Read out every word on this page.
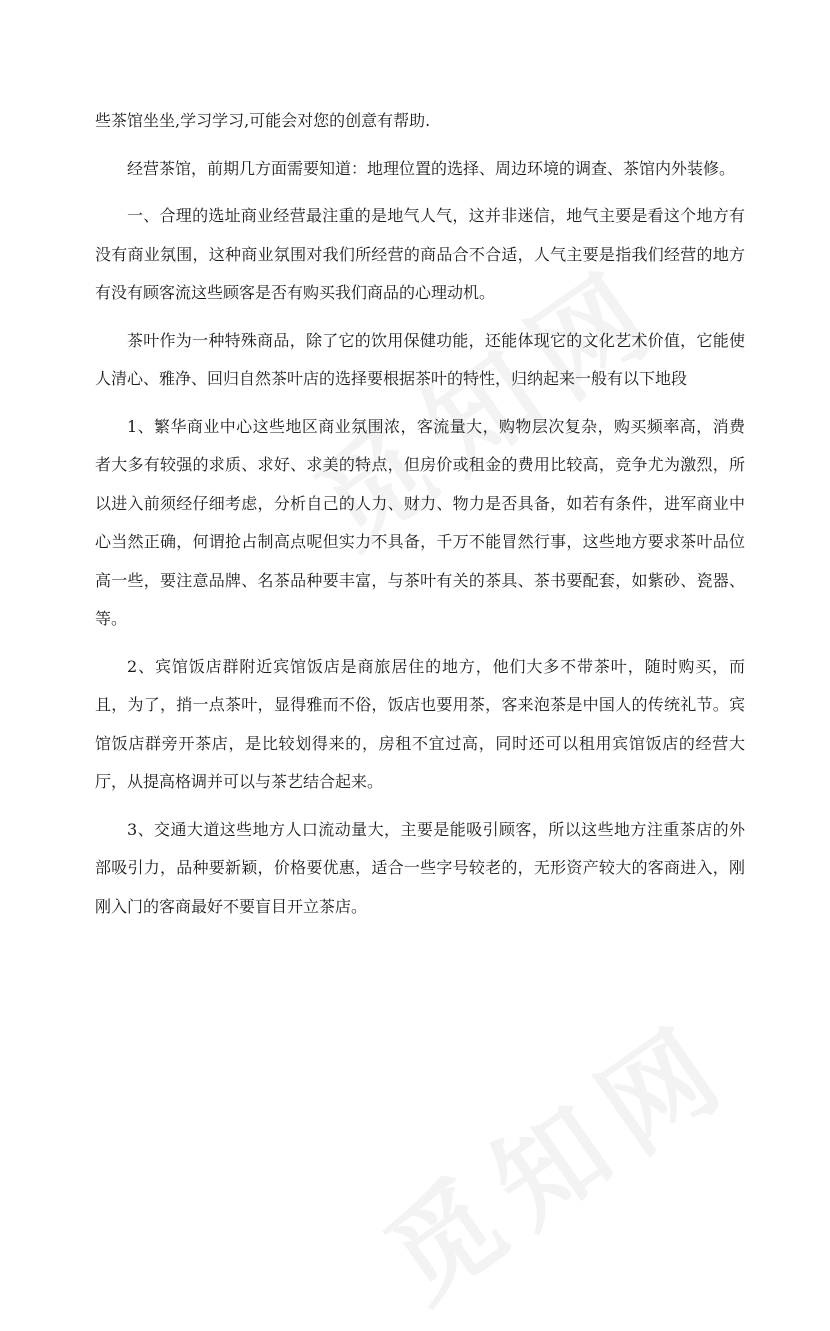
些茶馆坐坐,学习学习,可能会对您的创意有帮助.

经营茶馆，前期几方面需要知道：地理位置的选择、周边环境的调查、茶馆内外装修。

一、合理的选址商业经营最注重的是地气人气，这并非迷信，地气主要是看这个地方有没有商业氛围，这种商业氛围对我们所经营的商品合不合适，人气主要是指我们经营的地方有没有顾客流这些顾客是否有购买我们商品的心理动机。

茶叶作为一种特殊商品，除了它的饮用保健功能，还能体现它的文化艺术价值，它能使人清心、雅净、回归自然茶叶店的选择要根据茶叶的特性，归纳起来一般有以下地段

1、繁华商业中心这些地区商业氛围浓，客流量大，购物层次复杂，购买频率高，消费者大多有较强的求质、求好、求美的特点，但房价或租金的费用比较高，竞争尤为激烈，所以进入前须经仔细考虑，分析自己的人力、财力、物力是否具备，如若有条件，进军商业中心当然正确，何谓抢占制高点呢但实力不具备，千万不能冒然行事，这些地方要求茶叶品位高一些，要注意品牌、名茶品种要丰富，与茶叶有关的茶具、茶书要配套，如紫砂、瓷器、等。

2、宾馆饭店群附近宾馆饭店是商旅居住的地方，他们大多不带茶叶，随时购买，而且，为了，捎一点茶叶，显得雅而不俗，饭店也要用茶，客来泡茶是中国人的传统礼节。宾馆饭店群旁开茶店，是比较划得来的，房租不宜过高，同时还可以租用宾馆饭店的经营大厅，从提高格调并可以与茶艺结合起来。

3、交通大道这些地方人口流动量大，主要是能吸引顾客，所以这些地方注重茶店的外部吸引力，品种要新颖，价格要优惠，适合一些字号较老的，无形资产较大的客商进入，刚刚入门的客商最好不要盲目开立茶店。
